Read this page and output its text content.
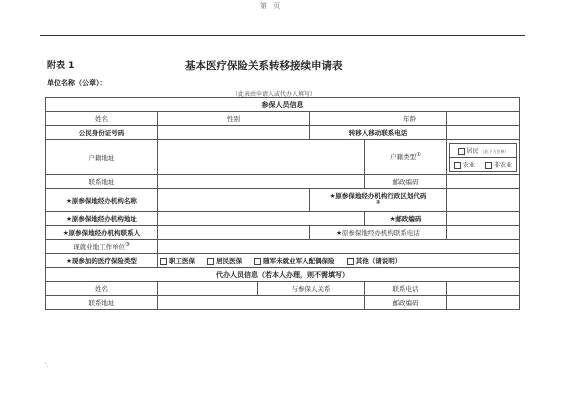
第 页
附表 1	基本医疗保险关系转移接续申请表
单位名称（公章）：
（此表由申请人或代办人填写）
参保人员信息
姓名	性别	年龄	
公民身份证号码		转移人移动联系电话	
户籍地址		户籍类型①	
居民 （此下方注释）
农业	非农业

联系地址		邮政编码	
★原参保地经办机构名称		★原参保地经办机构行政区划代码
②	
★原参保地经办机构地址		★邮政编码	
★原参保地经办机构联系人		★原参保地经办机构联系电话	
现就业地工作单位③	
★现参加的医疗保险类型	职工医保	居民医保	随军未就业军人配偶保险	其他（请说明）
代办人员信息（若本人办理，则不需填写）
姓名		与参保人关系	联系电话	
联系地址		邮政编码	
'.
